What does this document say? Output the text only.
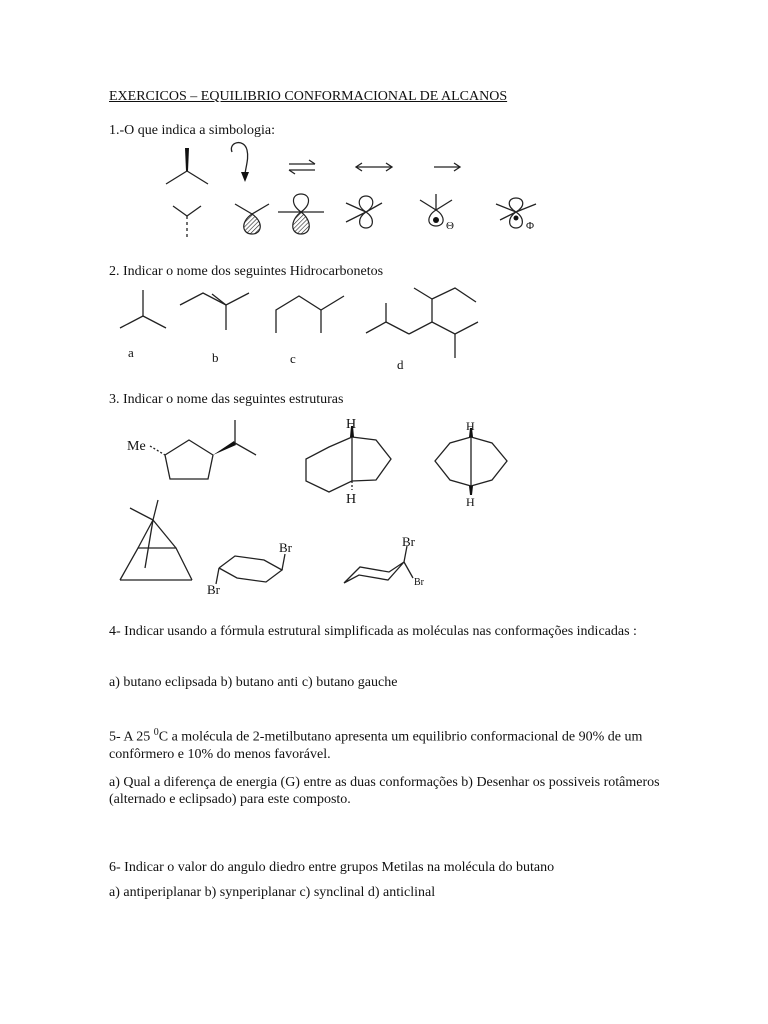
EXERCICOS – EQUILIBRIO CONFORMACIONAL DE ALCANOS
1.-O que indica a simbologia:
Θ	Φ
2. Indicar o nome dos seguintes Hidrocarbonetos
a	b	c	d
3. Indicar o nome das seguintes estruturas
Me
H
H
H
H
Br
Br
Br
Br
4- Indicar usando a fórmula estrutural simplificada as moléculas nas conformações indicadas :
a) butano eclipsada b) butano anti c) butano gauche
5- A 25 $^0$C a molécula de 2-metilbutano apresenta um equilibrio conformacional de 90% de um confôrmero e 10% do menos favorável.
a) Qual a diferença de energia (G) entre as duas conformações b) Desenhar os possiveis rotâmeros (alternado e eclipsado) para este composto.
6- Indicar o valor do angulo diedro entre grupos Metilas na molécula do butano
a) antiperiplanar b) synperiplanar c) synclinal d) anticlinal
